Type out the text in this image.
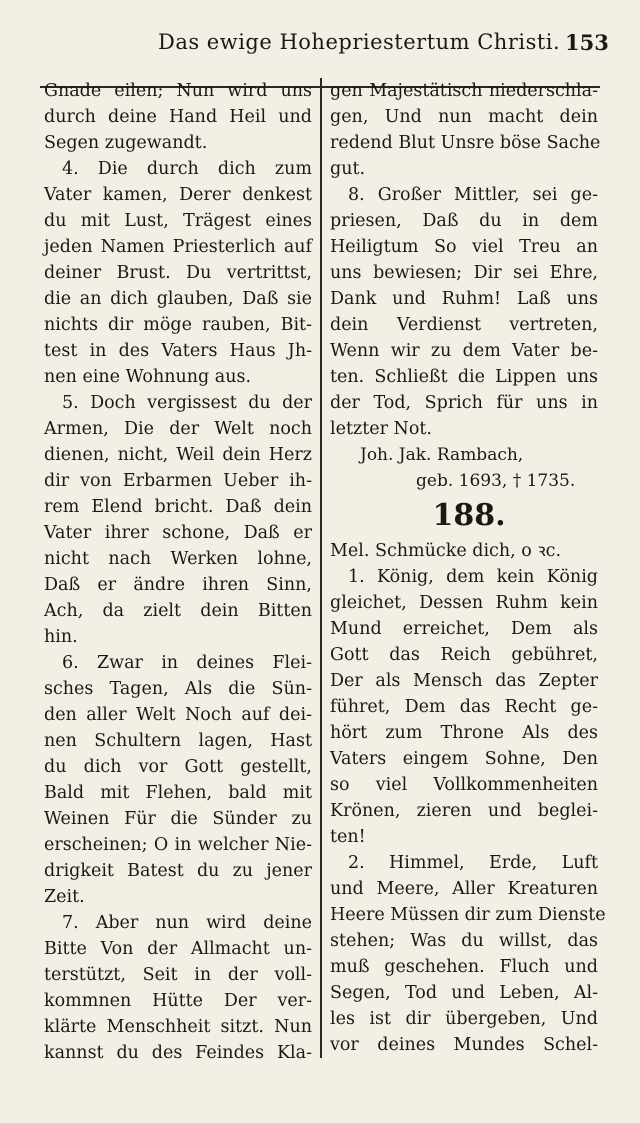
Das ewige Hohepriestertum Christi. 153
Gnade eilen; Nun wird uns
durch deine Hand Heil und
Segen zugewandt.
4. Die durch dich zum
Vater kamen, Derer denkest
du mit Lust, Trägest eines
jeden Namen Priesterlich auf
deiner Brust. Du vertrittst,
die an dich glauben, Daß sie
nichts dir möge rauben, Bit-
test in des Vaters Haus Jh-
nen eine Wohnung aus.
5. Doch vergissest du der
Armen, Die der Welt noch
dienen, nicht, Weil dein Herz
dir von Erbarmen Ueber ih-
rem Elend bricht. Daß dein
Vater ihrer schone, Daß er
nicht nach Werken lohne,
Daß er ändre ihren Sinn,
Ach, da zielt dein Bitten
hin.
6. Zwar in deines Flei-
sches Tagen, Als die Sün-
den aller Welt Noch auf dei-
nen Schultern lagen, Hast
du dich vor Gott gestellt,
Bald mit Flehen, bald mit
Weinen Für die Sünder zu
erscheinen; O in welcher Nie-
drigkeit Batest du zu jener
Zeit.
7. Aber nun wird deine
Bitte Von der Allmacht un-
terstützt, Seit in der voll-
kommnen Hütte Der ver-
klärte Menschheit sitzt. Nun
kannst du des Feindes Kla-
gen Majestätisch niederschla-
gen, Und nun macht dein
redend Blut Unsre böse Sache
gut.
8. Großer Mittler, sei ge-
priesen, Daß du in dem
Heiligtum So viel Treu an
uns bewiesen; Dir sei Ehre,
Dank und Ruhm! Laß uns
dein Verdienst vertreten,
Wenn wir zu dem Vater be-
ten. Schließt die Lippen uns
der Tod, Sprich für uns in
letzter Not.
Joh. Jak. Rambach,
geb. 1693, † 1735.
188.
Mel. Schmücke dich, o ꝛc.
1. König, dem kein König
gleichet, Dessen Ruhm kein
Mund erreichet, Dem als
Gott das Reich gebühret,
Der als Mensch das Zepter
führet, Dem das Recht ge-
hört zum Throne Als des
Vaters eingem Sohne, Den
so viel Vollkommenheiten
Krönen, zieren und beglei-
ten!
2. Himmel, Erde, Luft
und Meere, Aller Kreaturen
Heere Müssen dir zum Dienste
stehen; Was du willst, das
muß geschehen. Fluch und
Segen, Tod und Leben, Al-
les ist dir übergeben, Und
vor deines Mundes Schel-
